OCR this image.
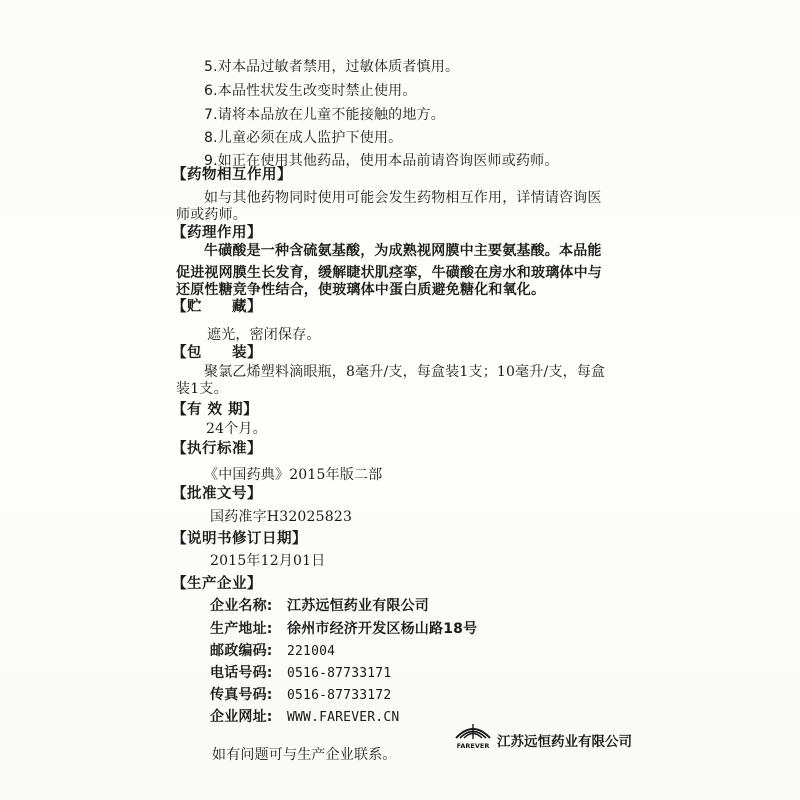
5.对本品过敏者禁用，过敏体质者慎用。
6.本品性状发生改变时禁止使用。
7.请将本品放在儿童不能接触的地方。
8.儿童必须在成人监护下使用。
9.如正在使用其他药品，使用本品前请咨询医师或药师。
【药物相互作用】
如与其他药物同时使用可能会发生药物相互作用，详情请咨询医
师或药师。
【药理作用】
牛磺酸是一种含硫氨基酸，为成熟视网膜中主要氨基酸。本品能
促进视网膜生长发育，缓解睫状肌痉挛，牛磺酸在房水和玻璃体中与
还原性糖竞争性结合，使玻璃体中蛋白质避免糖化和氧化。
【贮　　藏】
遮光，密闭保存。
【包　　装】
聚氯乙烯塑料滴眼瓶，8毫升/支，每盒装1支；10毫升/支，每盒
装1支。
【有 效 期】
24个月。
【执行标准】
《中国药典》2015年版二部
【批准文号】
国药准字H32025823
【说明书修订日期】
2015年12月01日
【生产企业】
企业名称: 江苏远恒药业有限公司
生产地址: 徐州市经济开发区杨山路18号
邮政编码: 221004
电话号码: 0516-87733171
传真号码: 0516-87733172
企业网址: WWW.FAREVER.CN
FAREVER 江苏远恒药业有限公司
如有问题可与生产企业联系。
